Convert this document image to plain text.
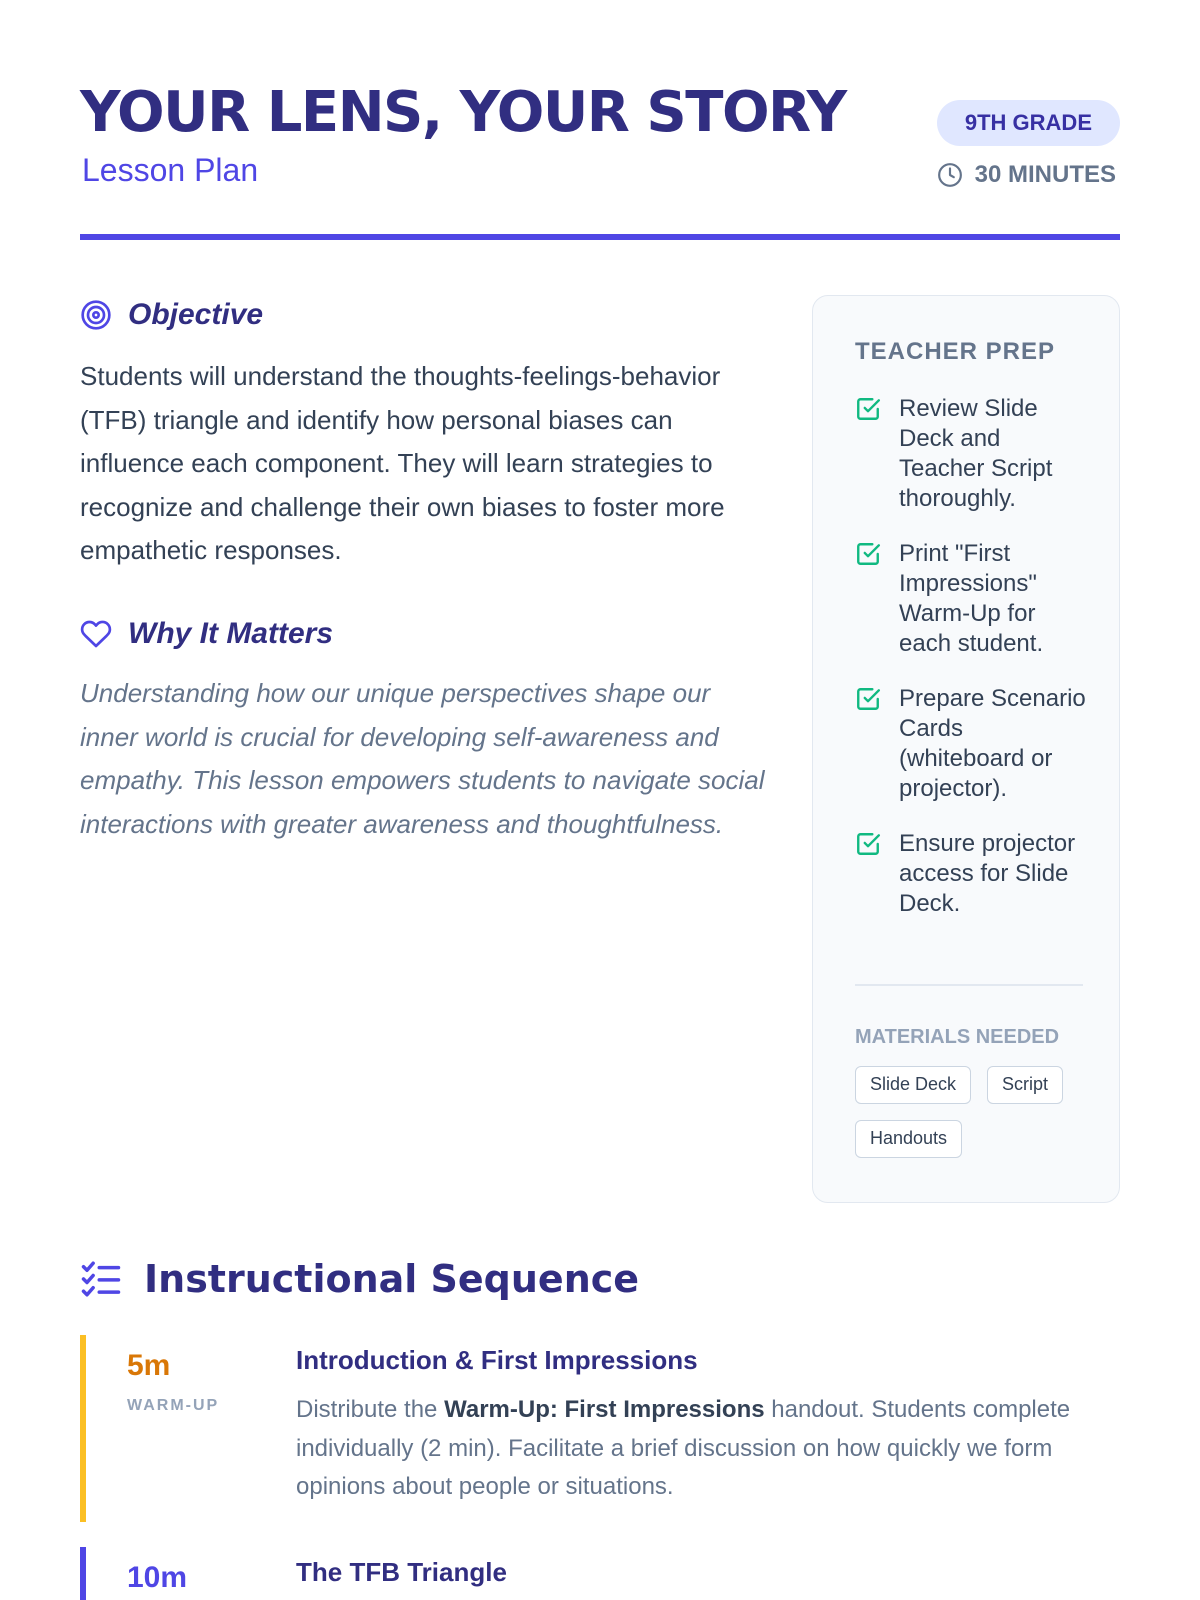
YOUR LENS, YOUR STORY
Lesson Plan
9TH GRADE
30 MINUTES
Objective

Students will understand the thoughts-feelings-behavior (TFB) triangle and identify how personal biases can influence each component. They will learn strategies to recognize and challenge their own biases to foster more empathetic responses.

Why It Matters

Understanding how our unique perspectives shape our inner world is crucial for developing self-awareness and empathy. This lesson empowers students to navigate social interactions with greater awareness and thoughtfulness.

TEACHER PREP
Review Slide Deck and Teacher Script thoroughly.
Print "First Impressions" Warm-Up for each student.
Prepare Scenario Cards (whiteboard or projector).
Ensure projector access for Slide Deck.
MATERIALS NEEDED
Slide Deck	Script
Handouts
Instructional Sequence
5m
WARM-UP
Introduction & First Impressions

Distribute the Warm-Up: First Impressions handout. Students complete individually (2 min). Facilitate a brief discussion on how quickly we form opinions about people or situations.

10m	The TFB Triangle
